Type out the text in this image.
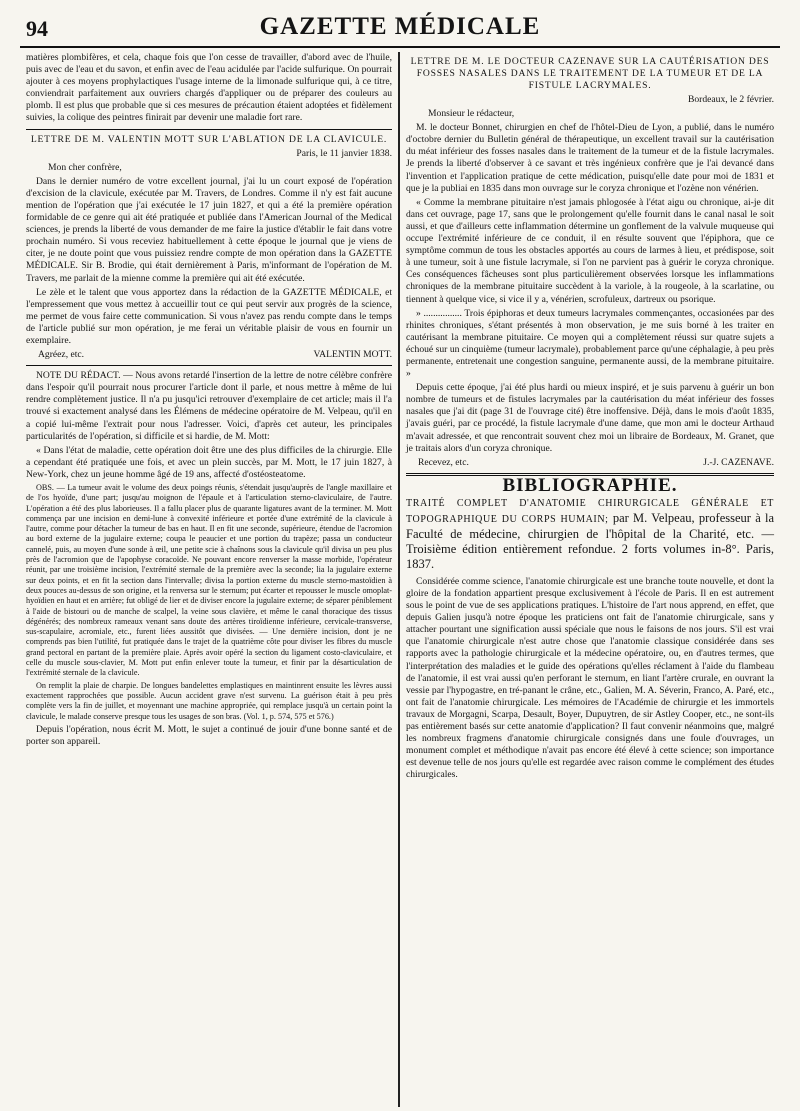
94	GAZETTE MÉDICALE

matières plombifères, et cela, chaque fois que l'on cesse de travailler, d'abord avec de l'huile, puis avec de l'eau et du savon, et enfin avec de l'eau acidulée par l'acide sulfurique. On pourrait ajouter à ces moyens prophylactiques l'usage interne de la limonade sulfurique qui, à ce titre, conviendrait parfaitement aux ouvriers chargés d'appliquer ou de préparer des couleurs au plomb. Il est plus que probable que si ces mesures de précaution étaient adoptées et fidèlement suivies, la colique des peintres finirait par devenir une maladie fort rare.

LETTRE DE M. VALENTIN MOTT SUR L'ABLATION DE LA CLAVICULE.

Paris, le 11 janvier 1838.

Mon cher confrère,

Dans le dernier numéro de votre excellent journal, j'ai lu un court exposé de l'opération d'excision de la clavicule, exécutée par M. Travers, de Londres. Comme il n'y est fait aucune mention de l'opération que j'ai exécutée le 17 juin 1827, et qui a été la première opération formidable de ce genre qui ait été pratiquée et publiée dans l'American Journal of the Medical sciences, je prends la liberté de vous demander de me faire la justice d'établir le fait dans votre prochain numéro. Si vous receviez habituellement à cette époque le journal que je viens de citer, je ne doute point que vous puissiez rendre compte de mon opération dans la GAZETTE MÉDICALE. Sir B. Brodie, qui était dernièrement à Paris, m'informant de l'opération de M. Travers, me parlait de la mienne comme la première qui ait été exécutée.

Le zèle et le talent que vous apportez dans la rédaction de la GAZETTE MÉDICALE, et l'empressement que vous mettez à accueillir tout ce qui peut servir aux progrès de la science, me permet de vous faire cette communication. Si vous n'avez pas rendu compte dans le temps de l'article publié sur mon opération, je me ferai un véritable plaisir de vous en fournir un exemplaire.

Agréez, etc.	VALENTIN MOTT.

NOTE DU RÉDACT. — Nous avons retardé l'insertion de la lettre de notre célèbre confrère dans l'espoir qu'il pourrait nous procurer l'article dont il parle, et nous mettre à même de lui rendre complètement justice. Il n'a pu jusqu'ici retrouver d'exemplaire de cet article; mais il l'a trouvé si exactement analysé dans les Élémens de médecine opératoire de M. Velpeau, qu'il en a copié lui-même l'extrait pour nous l'adresser. Voici, d'après cet auteur, les principales particularités de l'opération, si difficile et si hardie, de M. Mott:

« Dans l'état de maladie, cette opération doit être une des plus difficiles de la chirurgie. Elle a cependant été pratiquée une fois, et avec un plein succès, par M. Mott, le 17 juin 1827, à New-York, chez un jeune homme âgé de 19 ans, affecté d'ostéosteatome.

OBS. — La tumeur avait le volume des deux poings réunis, s'étendait jusqu'auprès de l'angle maxillaire et de l'os hyoïde, d'une part; jusqu'au moignon de l'épaule et à l'articulation sterno-claviculaire, de l'autre. L'opération a été des plus laborieuses. Il a fallu placer plus de quarante ligatures avant de la terminer. M. Mott commença par une incision en demi-lune à convexité inférieure et portée d'une extrémité de la clavicule à l'autre, comme pour détacher la tumeur de bas en haut. Il en fit une seconde, supérieure, étendue de l'acromion au bord externe de la jugulaire externe; coupa le peaucier et une portion du trapèze; passa un conducteur cannelé, puis, au moyen d'une sonde à œil, une petite scie à chaînons sous la clavicule qu'il divisa un peu plus près de l'acromion que de l'apophyse coracoïde. Ne pouvant encore renverser la masse morbide, l'opérateur réunit, par une troisième incision, l'extrémité sternale de la première avec la seconde; lia la jugulaire externe sur deux points, et en fit la section dans l'intervalle; divisa la portion externe du muscle sterno-mastoïdien à deux pouces au-dessus de son origine, et la renversa sur le sternum; put écarter et repousser le muscle omoplat-hyoïdien en haut et en arrière; fut obligé de lier et de diviser encore la jugulaire externe; de séparer péniblement à l'aide de bistouri ou de manche de scalpel, la veine sous clavière, et même le canal thoracique des tissus dégénérés; des nombreux rameaux venant sans doute des artères tiroïdienne inférieure, cervicale-transverse, sus-scapulaire, acromiale, etc., furent liées aussitôt que divisées. — Une dernière incision, dont je ne comprends pas bien l'utilité, fut pratiquée dans le trajet de la quatrième côte pour diviser les fibres du muscle grand pectoral en partant de la première plaie. Après avoir opéré la section du ligament costo-claviculaire, et celle du muscle sous-clavier, M. Mott put enfin enlever toute la tumeur, et finir par la désarticulation de l'extrémité sternale de la clavicule.

On remplit la plaie de charpie. De longues bandelettes emplastiques en maintinrent ensuite les lèvres aussi exactement rapprochées que possible. Aucun accident grave n'est survenu. La guérison était à peu près complète vers la fin de juillet, et moyennant une machine appropriée, qui remplace jusqu'à un certain point la clavicule, le malade conserve presque tous les usages de son bras. (Vol. 1, p. 574, 575 et 576.)

Depuis l'opération, nous écrit M. Mott, le sujet a continué de jouir d'une bonne santé et de porter son appareil.

LETTRE DE M. LE DOCTEUR CAZENAVE SUR LA CAUTÉRISATION DES FOSSES NASALES DANS LE TRAITEMENT DE LA TUMEUR ET DE LA FISTULE LACRYMALES.

Bordeaux, le 2 février.

Monsieur le rédacteur,

M. le docteur Bonnet, chirurgien en chef de l'hôtel-Dieu de Lyon, a publié, dans le numéro d'octobre dernier du Bulletin général de thérapeutique, un excellent travail sur la cautérisation du méat inférieur des fosses nasales dans le traitement de la tumeur et de la fistule lacrymales. Je prends la liberté d'observer à ce savant et très ingénieux confrère que je l'ai devancé dans l'invention et l'application pratique de cette médication, puisqu'elle date pour moi de 1831 et que je la publiai en 1835 dans mon ouvrage sur le coryza chronique et l'ozène non vénérien.

« Comme la membrane pituitaire n'est jamais phlogosée à l'état aigu ou chronique, ai-je dit dans cet ouvrage, page 17, sans que le prolongement qu'elle fournit dans le canal nasal le soit aussi, et que d'ailleurs cette inflammation détermine un gonflement de la valvule muqueuse qui occupe l'extrémité inférieure de ce conduit, il en résulte souvent que l'épiphora, que ce symptôme commun de tous les obstacles apportés au cours de larmes à lieu, et prédispose, soit à une tumeur, soit à une fistule lacrymale, si l'on ne parvient pas à guérir le coryza chronique. Ces conséquences fâcheuses sont plus particulièrement observées lorsque les inflammations chroniques de la membrane pituitaire succèdent à la variole, à la rougeole, à la scarlatine, ou tiennent à quelque vice, si vice il y a, vénérien, scrofuleux, dartreux ou psorique.

» ................ Trois épiphoras et deux tumeurs lacrymales commençantes, occasionées par des rhinites chroniques, s'étant présentés à mon observation, je me suis borné à les traiter en cautérisant la membrane pituitaire. Ce moyen qui a complètement réussi sur quatre sujets a échoué sur un cinquième (tumeur lacrymale), probablement parce qu'une céphalagie, à peu près permanente, entretenait une congestion sanguine, permanente aussi, de la membrane pituitaire. »

Depuis cette époque, j'ai été plus hardi ou mieux inspiré, et je suis parvenu à guérir un bon nombre de tumeurs et de fistules lacrymales par la cautérisation du méat inférieur des fosses nasales que j'ai dit (page 31 de l'ouvrage cité) être inoffensive. Déjà, dans le mois d'août 1835, j'avais guéri, par ce procédé, la fistule lacrymale d'une dame, que mon ami le docteur Arthaud m'avait adressée, et que rencontrait souvent chez moi un libraire de Bordeaux, M. Granet, que je traitais alors d'un coryza chronique.

Recevez, etc.	J.-J. CAZENAVE.
BIBLIOGRAPHIE.
TRAITÉ COMPLET D'ANATOMIE CHIRURGICALE GÉNÉRALE ET TOPOGRAPHIQUE DU CORPS HUMAIN; par M. Velpeau, professeur à la Faculté de médecine, chirurgien de l'hôpital de la Charité, etc. — Troisième édition entièrement refondue. 2 forts volumes in-8°. Paris, 1837.

Considérée comme science, l'anatomie chirurgicale est une branche toute nouvelle, et dont la gloire de la fondation appartient presque exclusivement à l'école de Paris. Il en est autrement sous le point de vue de ses applications pratiques. L'histoire de l'art nous apprend, en effet, que depuis Galien jusqu'à notre époque les praticiens ont fait de l'anatomie chirurgicale, sans y attacher pourtant une signification aussi spéciale que nous le faisons de nos jours. S'il est vrai que l'anatomie chirurgicale n'est autre chose que l'anatomie classique considérée dans ses rapports avec la pathologie chirurgicale et la médecine opératoire, ou, en d'autres termes, que l'interprétation des maladies et le guide des opérations qu'elles réclament à l'aide du flambeau de l'anatomie, il est vrai aussi qu'en perforant le sternum, en liant l'artère crurale, en ouvrant la vessie par l'hypogastre, en tré-panant le crâne, etc., Galien, M. A. Séverin, Franco, A. Paré, etc., ont fait de l'anatomie chirurgicale. Les mémoires de l'Académie de chirurgie et les immortels travaux de Morgagni, Scarpa, Desault, Boyer, Dupuytren, de sir Astley Cooper, etc., ne sont-ils pas entièrement basés sur cette anatomie d'application? Il faut convenir néanmoins que, malgré les nombreux fragmens d'anatomie chirurgicale consignés dans une foule d'ouvrages, un monument complet et méthodique n'avait pas encore été élevé à cette science; son importance est devenue telle de nos jours qu'elle est regardée avec raison comme le complément des études chirurgicales.
